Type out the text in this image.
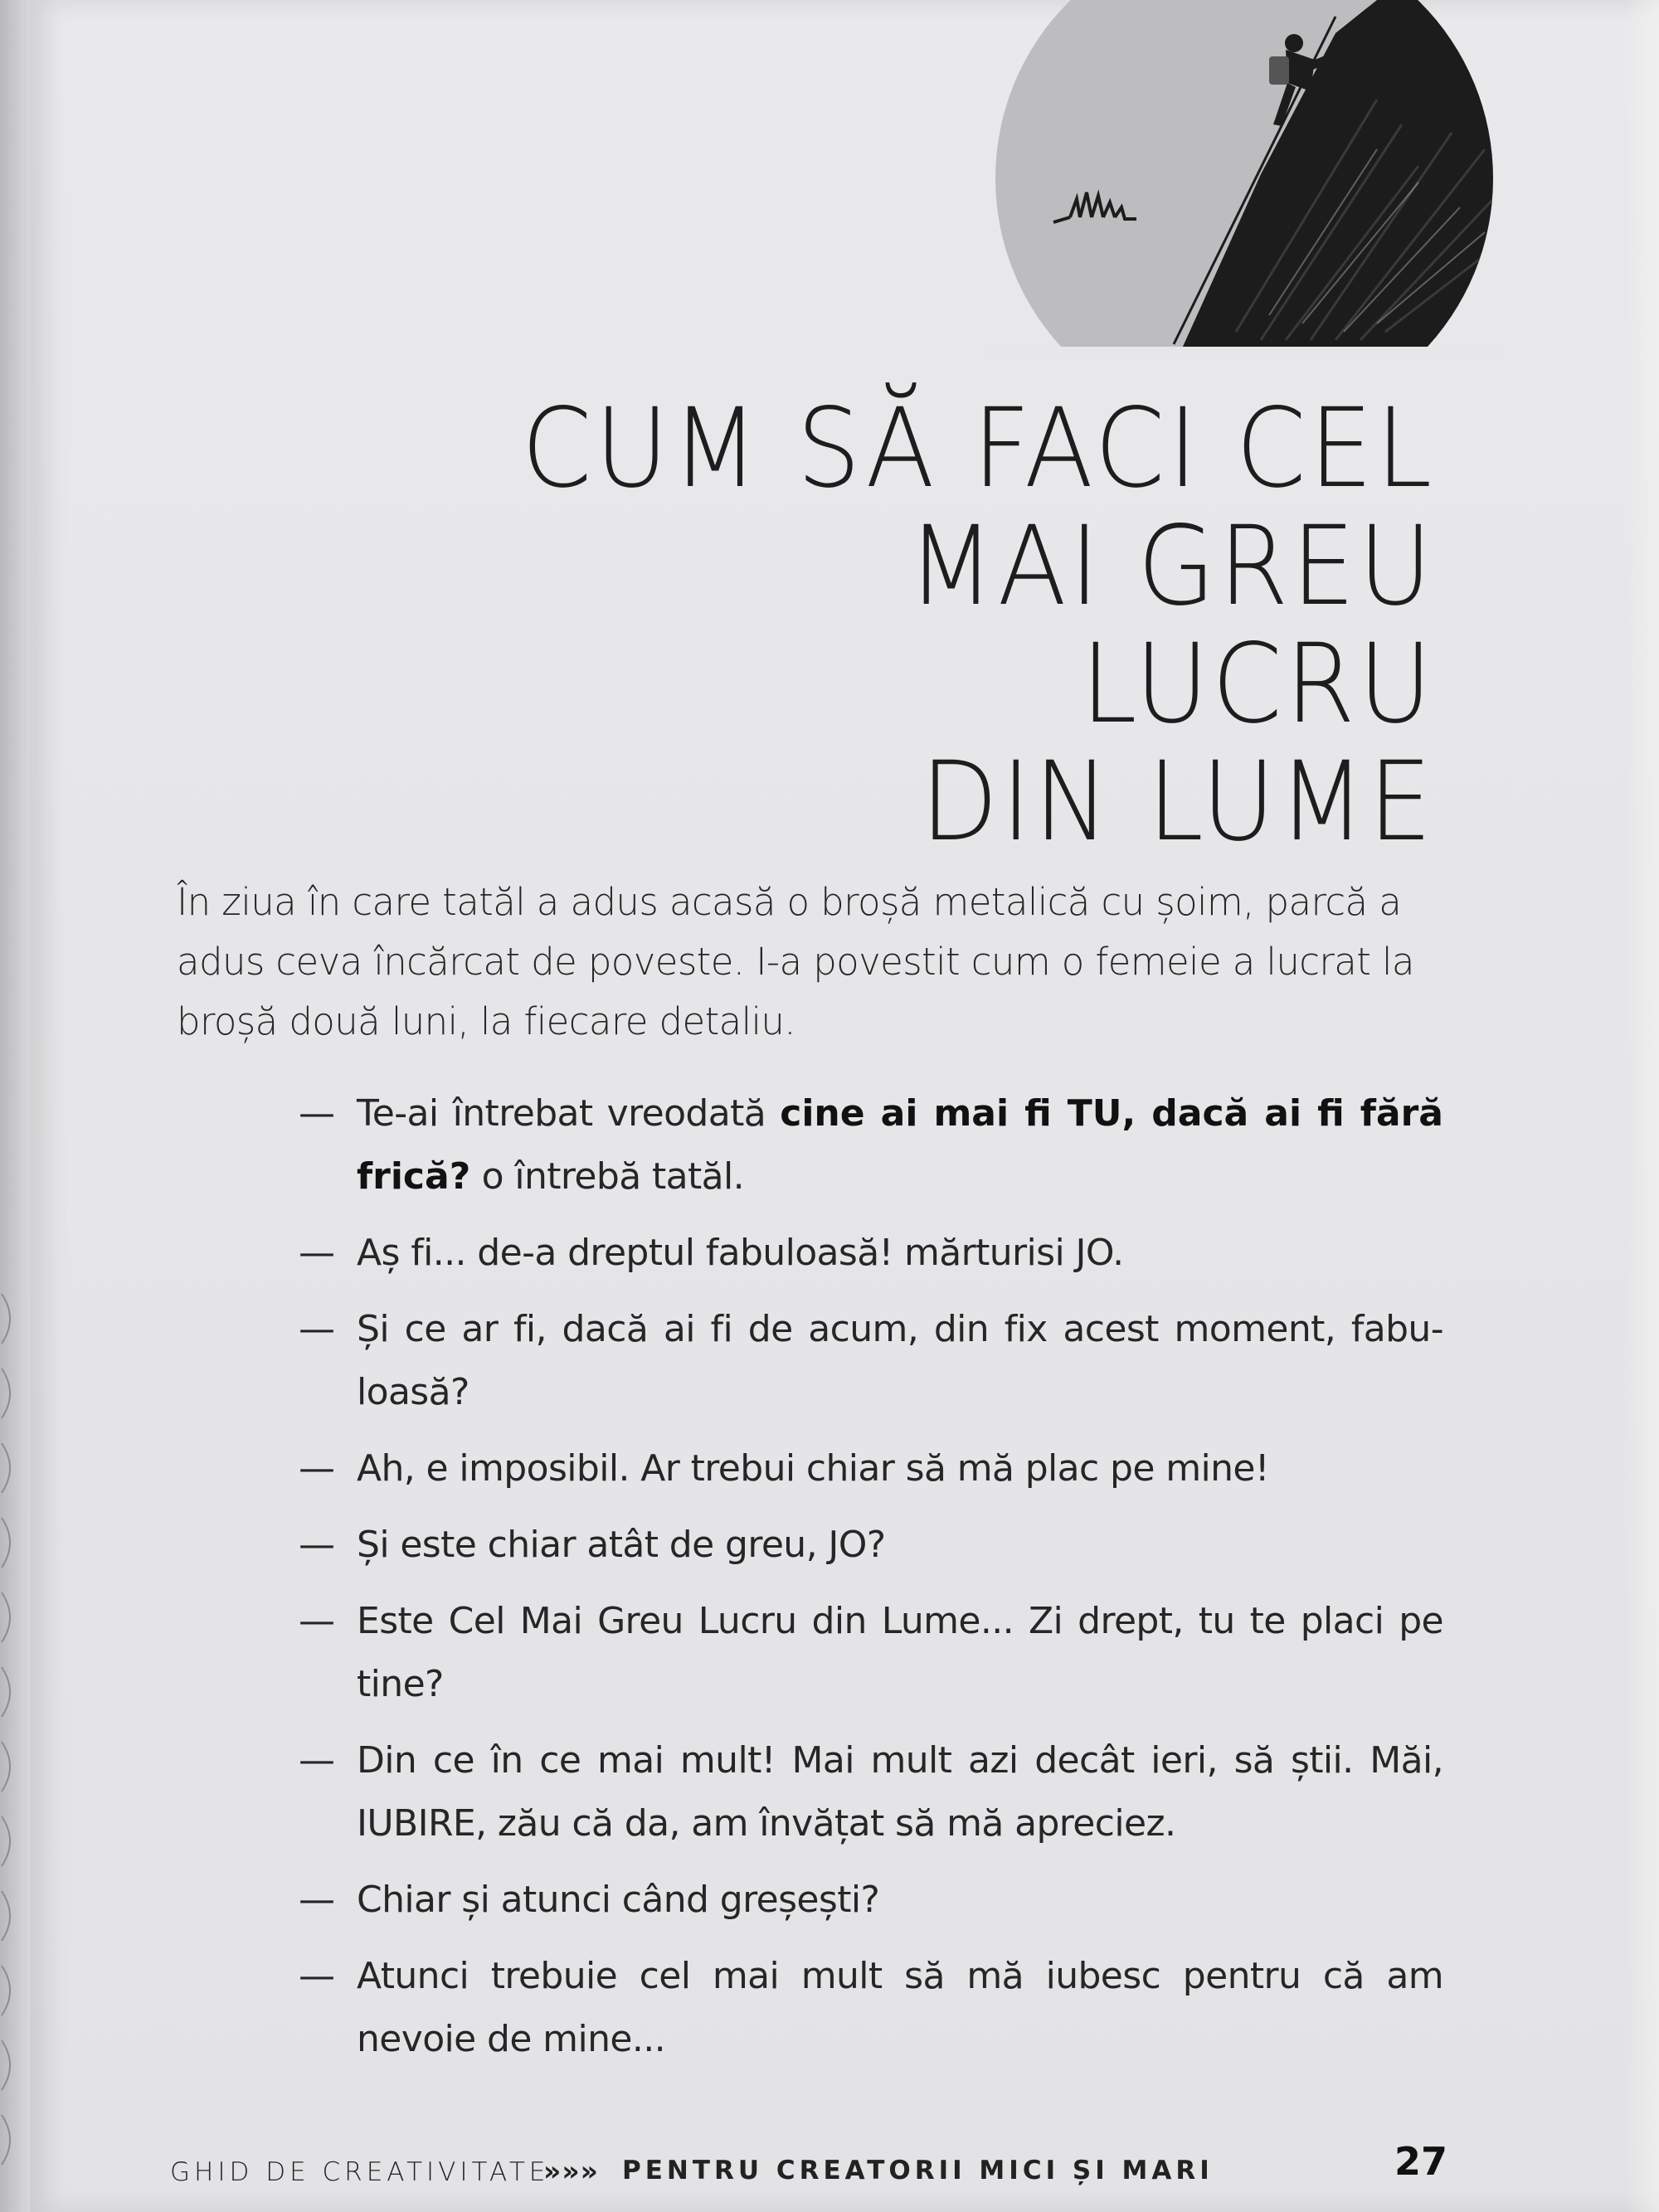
CUM SĂ FACI CEL
MAI GREU LUCRU
DIN LUME

În ziua în care tatăl a adus acasă o broșă metalică cu șoim, parcă a adus ceva încărcat de poveste. I-a povestit cum o femeie a lucrat la broșă două luni, la fiecare detaliu.

— Te-ai întrebat vreodată cine ai mai fi TU, dacă ai fi fără frică? o întrebă tatăl.
— Aș fi... de-a dreptul fabuloasă! mărturisi JO.
— Și ce ar fi, dacă ai fi de acum, din fix acest moment, fabu-loasă?
— Ah, e imposibil. Ar trebui chiar să mă plac pe mine!
— Și este chiar atât de greu, JO?
— Este Cel Mai Greu Lucru din Lume... Zi drept, tu te placi pe tine?
— Din ce în ce mai mult! Mai mult azi decât ieri, să știi. Măi, IUBIRE, zău că da, am învățat să mă apreciez.
— Chiar și atunci când greșești?
— Atunci trebuie cel mai mult să mă iubesc pentru că am nevoie de mine...
GHID DE CREATIVITATE
»»» PENTRU CREATORII MICI ȘI MARI	27
